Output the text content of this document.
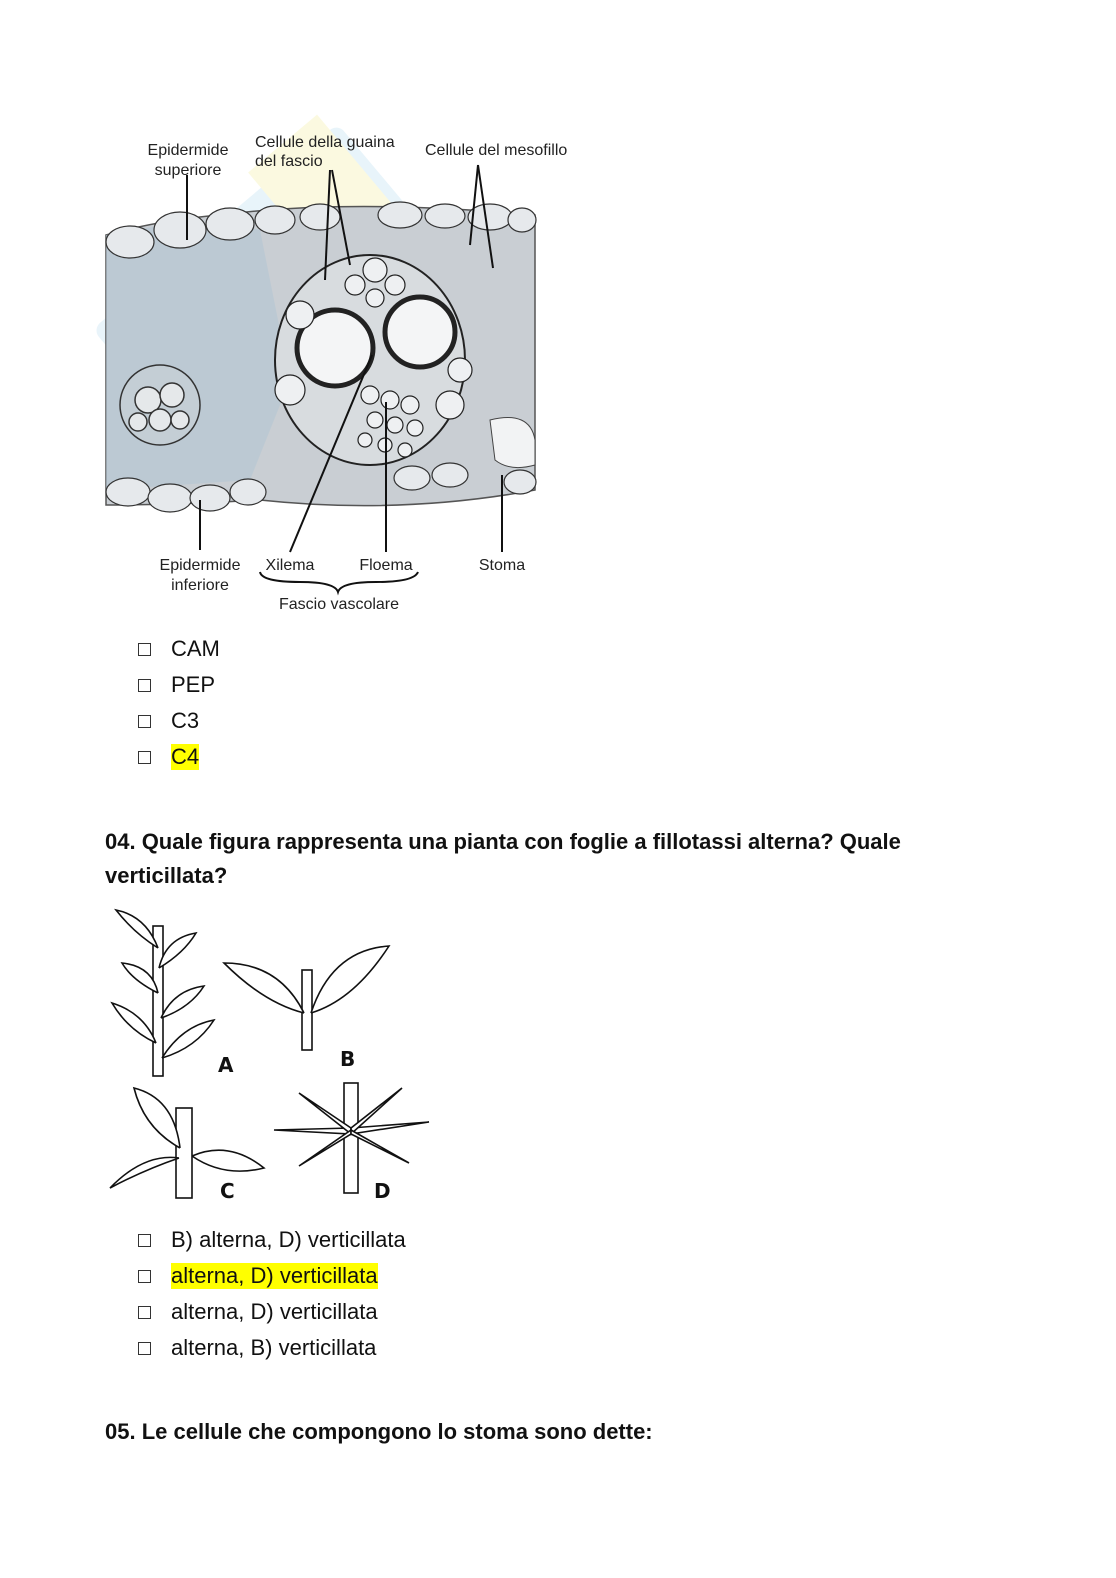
Epidermide
superiore
Cellule della guaina
del fascio
Cellule del mesofillo
Epidermide
inferiore
Xilema	Floema	Stoma
Fascio vascolare
CAM
PEP
C3
C4

04. Quale figura rappresenta una pianta con foglie a fillotassi alterna? Quale verticillata?

A	B
C	D
B) alterna, D) verticillata
alterna, D) verticillata
alterna, D) verticillata
alterna, B) verticillata

05. Le cellule che compongono lo stoma sono dette:
